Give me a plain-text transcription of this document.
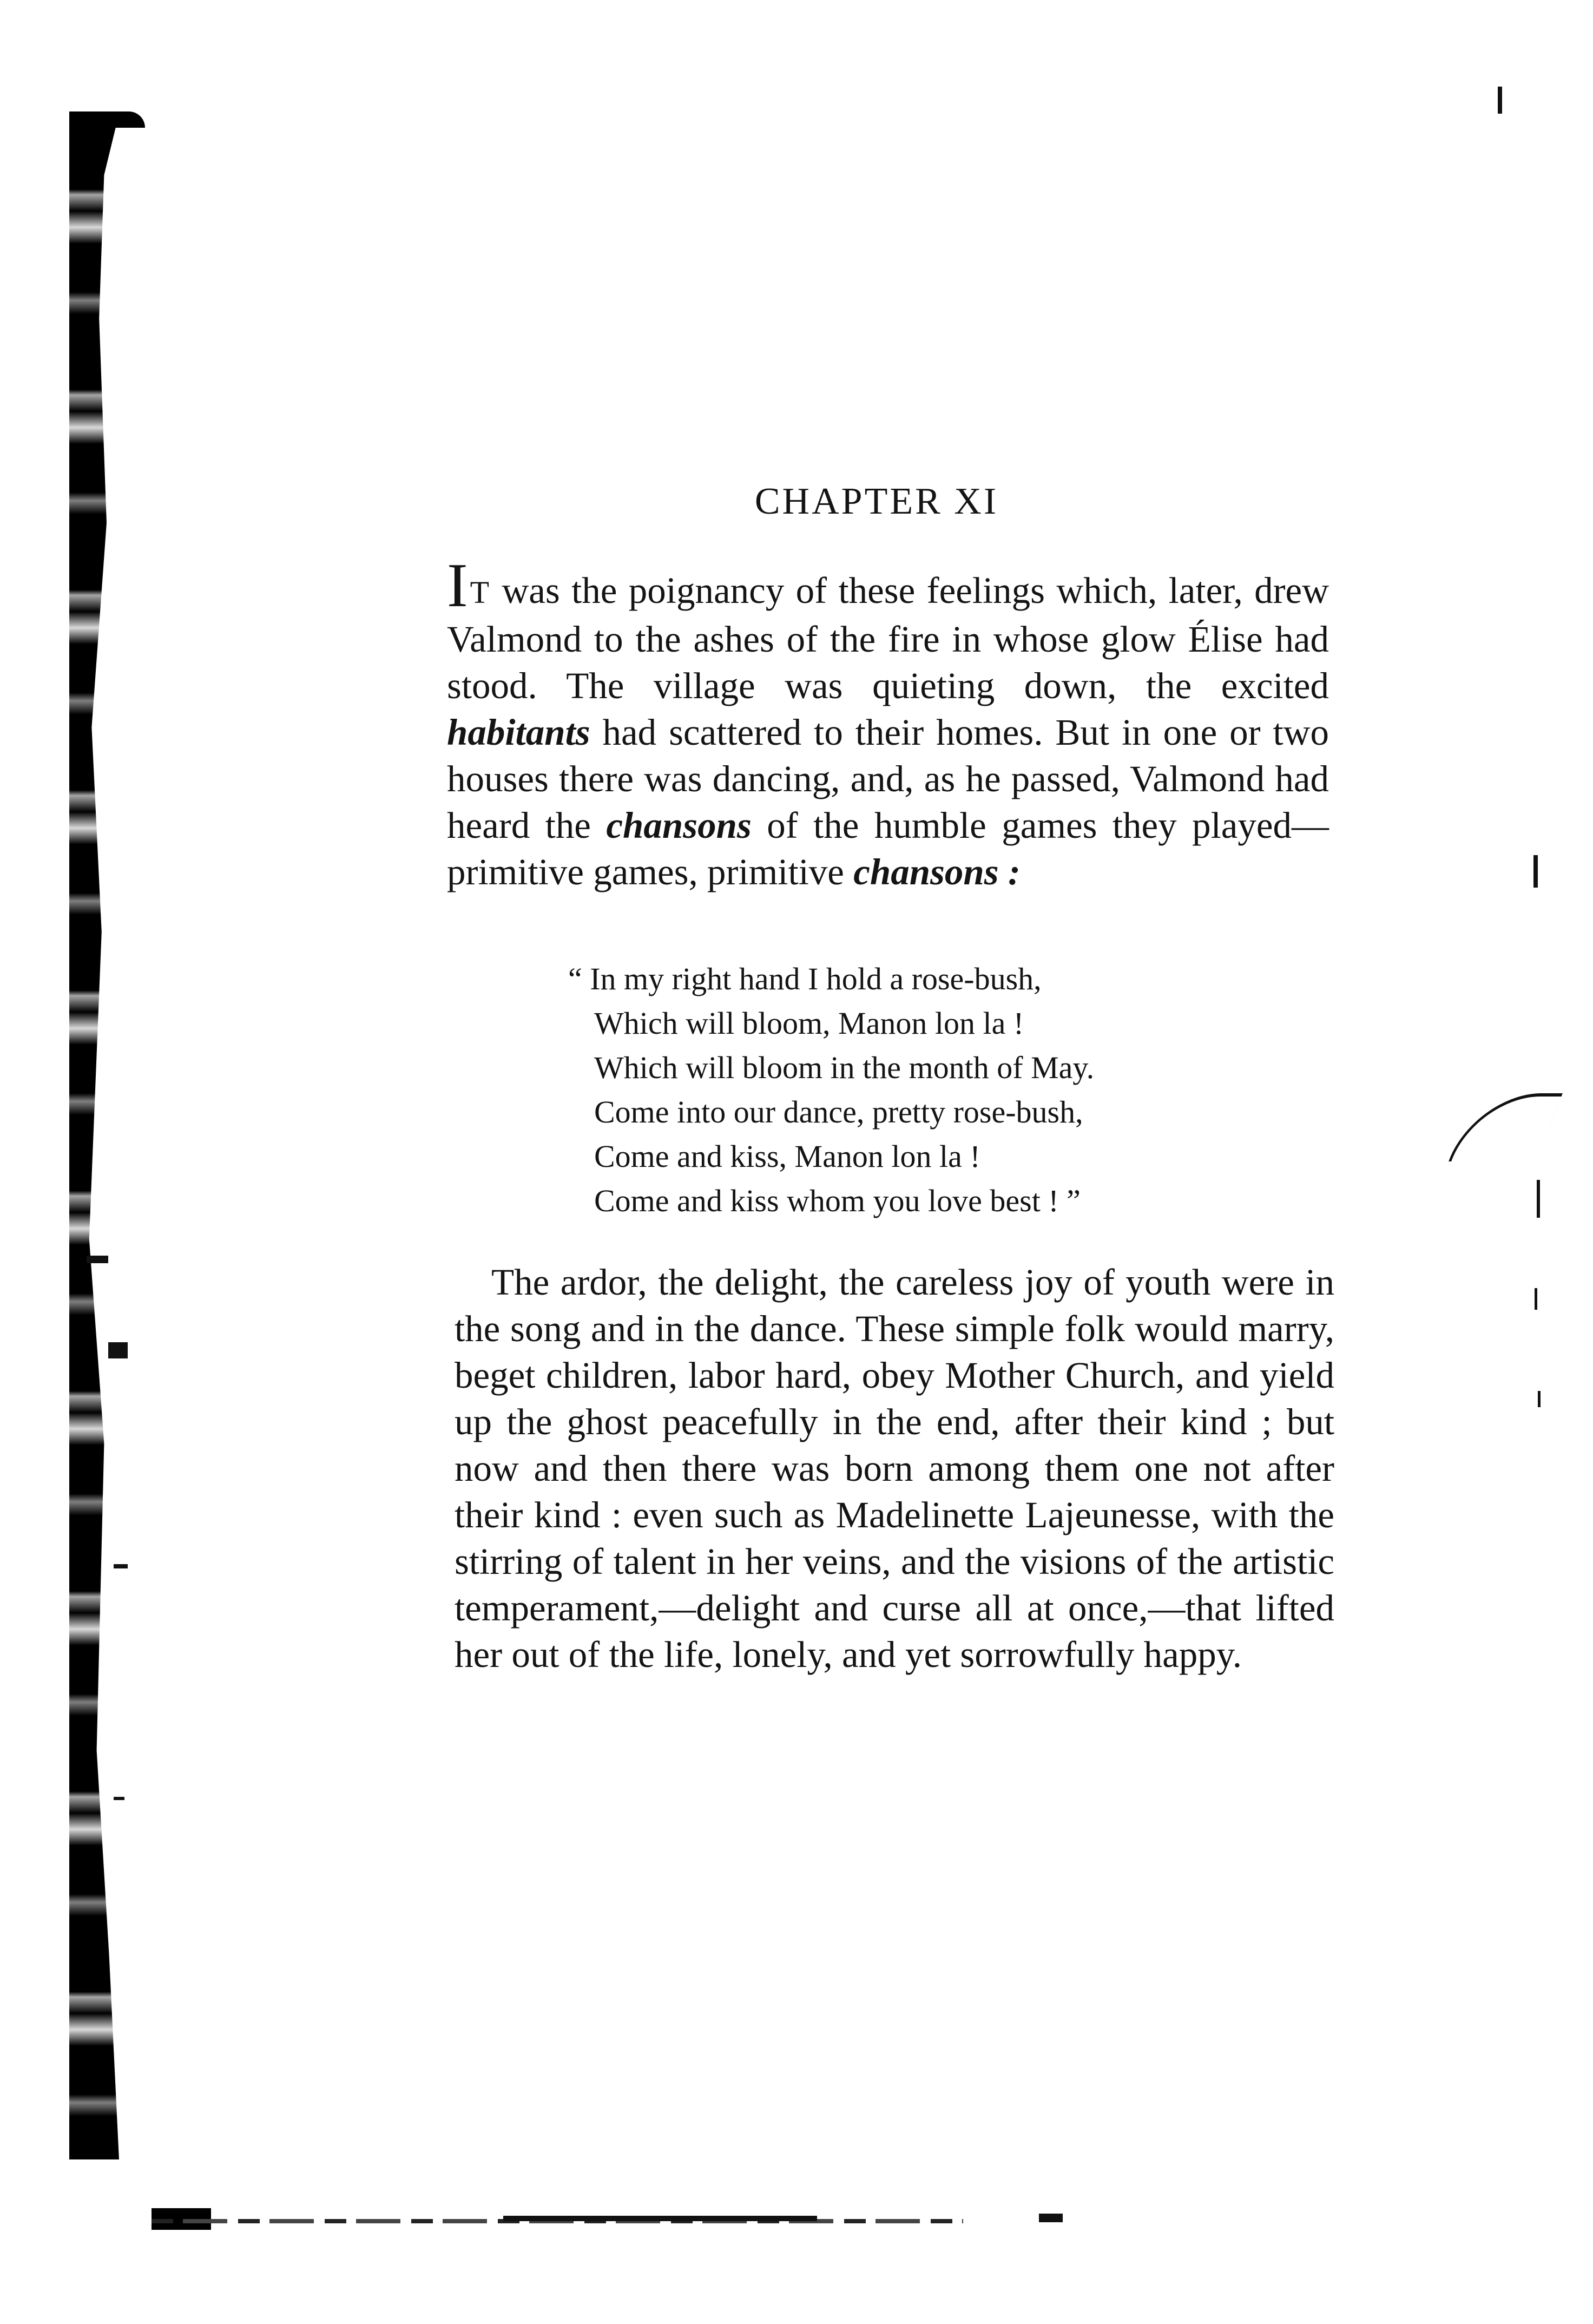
CHAPTER XI

IT was the poignancy of these feelings which, later, drew Valmond to the ashes of the fire in whose glow Élise had stood. The village was quieting down, the excited habitants had scattered to their homes. But in one or two houses there was dancing, and, as he passed, Valmond had heard the chansons of the humble games they played—primitive games, primitive chansons :

“ In my right hand I hold a rose-bush,
Which will bloom, Manon lon la !
Which will bloom in the month of May.
Come into our dance, pretty rose-bush,
Come and kiss, Manon lon la !
Come and kiss whom you love best ! ”

The ardor, the delight, the careless joy of youth were in the song and in the dance. These simple folk would marry, beget children, labor hard, obey Mother Church, and yield up the ghost peacefully in the end, after their kind ; but now and then there was born among them one not after their kind : even such as Madelinette Lajeunesse, with the stirring of talent in her veins, and the visions of the artistic temperament,—delight and curse all at once,—that lifted her out of the life, lonely, and yet sorrowfully happy.
